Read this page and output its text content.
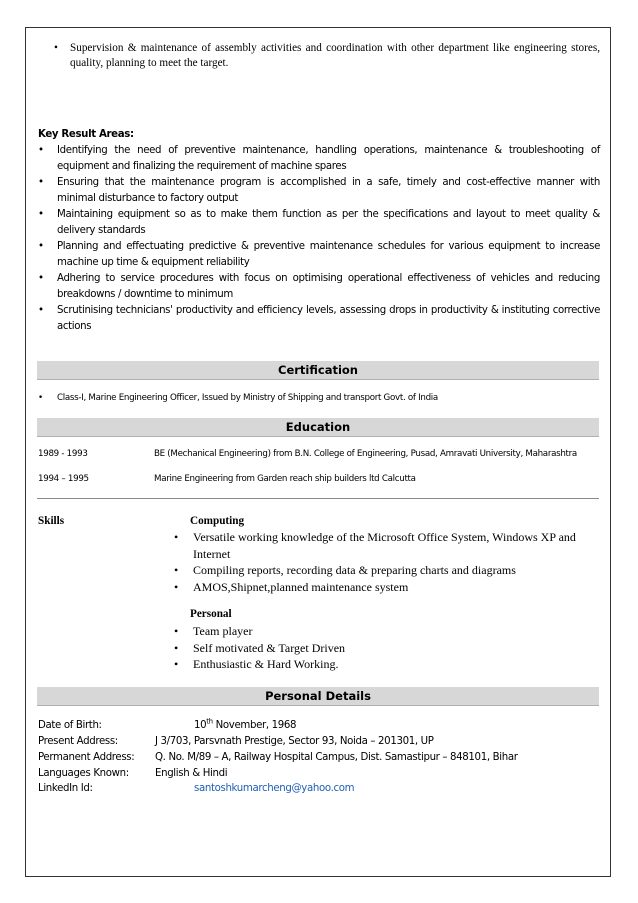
•	Supervision & maintenance of assembly activities and coordination with other department like engineering stores, quality, planning to meet the target.
Key Result Areas:
•	Identifying the need of preventive maintenance, handling operations, maintenance & troubleshooting of equipment and finalizing the requirement of machine spares
•	Ensuring that the maintenance program is accomplished in a safe, timely and cost-effective manner with minimal disturbance to factory output
•	Maintaining equipment so as to make them function as per the specifications and layout to meet quality & delivery standards
•	Planning and effectuating predictive & preventive maintenance schedules for various equipment to increase machine up time & equipment reliability
•	Adhering to service procedures with focus on optimising operational effectiveness of vehicles and reducing breakdowns / downtime to minimum
•	Scrutinising technicians' productivity and efficiency levels, assessing drops in productivity & instituting corrective actions
Certification
•	Class-I, Marine Engineering Officer, Issued by Ministry of Shipping and transport Govt. of India
Education
1989 - 1993	BE (Mechanical Engineering) from B.N. College of Engineering, Pusad, Amravati University, Maharashtra
1994 – 1995	Marine Engineering from Garden reach ship builders ltd Calcutta
Skills	Computing
•	Versatile working knowledge of the Microsoft Office System, Windows XP and Internet
•	Compiling reports, recording data & preparing charts and diagrams
•	AMOS,Shipnet,planned maintenance system
Personal
•	Team player
•	Self motivated & Target Driven
•	Enthusiastic & Hard Working.
Personal Details
Date of Birth:	10th November, 1968
Present Address:	J 3/703, Parsvnath Prestige, Sector 93, Noida – 201301, UP
Permanent Address: Q. No. M/89 – A, Railway Hospital Campus, Dist. Samastipur – 848101, Bihar
Languages Known:	English & Hindi
LinkedIn Id:	santoshkumarcheng@yahoo.com
